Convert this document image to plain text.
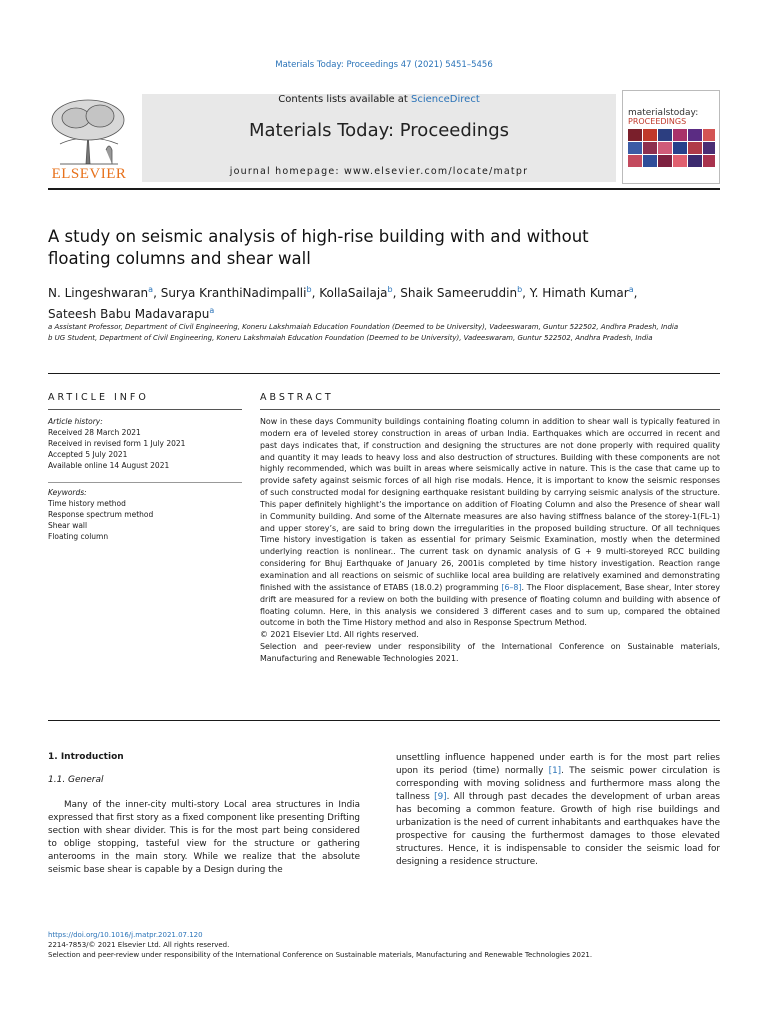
Materials Today: Proceedings 47 (2021) 5451–5456
ELSEVIER
Contents lists available at ScienceDirect
Materials Today: Proceedings
journal homepage: www.elsevier.com/locate/matpr
materialstoday:
PROCEEDINGS
A study on seismic analysis of high-rise building with and without floating columns and shear wall
N. Lingeshwaran$^a$, Surya KranthiNadimpalli$^b$, KollaSailaja$^b$, Shaik Sameeruddin$^b$, Y. Himath Kumar$^a$,
Sateesh Babu Madavarapu$^a$
a Assistant Professor, Department of Civil Engineering, Koneru Lakshmaiah Education Foundation (Deemed to be University), Vadeeswaram, Guntur 522502, Andhra Pradesh, India
b UG Student, Department of Civil Engineering, Koneru Lakshmaiah Education Foundation (Deemed to be University), Vadeeswaram, Guntur 522502, Andhra Pradesh, India
ARTICLE INFO	ABSTRACT
Article history:
Received 28 March 2021
Received in revised form 1 July 2021
Accepted 5 July 2021
Available online 14 August 2021
Keywords:
Time history method
Response spectrum method
Shear wall
Floating column
Now in these days Community buildings containing floating column in addition to shear wall is typically featured in modern era of leveled storey construction in areas of urban India. Earthquakes which are occurred in recent and past days indicates that, if construction and designing the structures are not done properly with required quality and quantity it may leads to heavy loss and also destruction of structures. Building with these components are not highly recommended, which was built in areas where seismically active in nature. This is the case that came up to provide safety against seismic forces of all high rise modals. Hence, it is important to know the seismic responses of such constructed modal for designing earthquake resistant building by carrying seismic analysis of the structure. This paper definitely highlight’s the importance on addition of Floating Column and also the Presence of shear wall in Community building. And some of the Alternate measures are also having stiffness balance of the storey-1(FL-1) and upper storey’s, are said to bring down the irregularities in the proposed building structure. Of all techniques Time history investigation is taken as essential for primary Seismic Examination, mostly when the determined underlying reaction is nonlinear.. The current task on dynamic analysis of G + 9 multi-storeyed RCC building considering for Bhuj Earthquake of January 26, 2001is completed by time history investigation. Reaction range examination and all reactions on seismic of suchlike local area building are relatively examined and demonstrating finished with the assistance of ETABS (18.0.2) programming [6–8]. The Floor displacement, Base shear, Inter storey drift are measured for a review on both the building with presence of floating column and building with absence of floating column. Here, in this analysis we considered 3 different cases and to sum up, compared the obtained outcome in both the Time History method and also in Response Spectrum Method.
© 2021 Elsevier Ltd. All rights reserved.
Selection and peer-review under responsibility of the International Conference on Sustainable materials, Manufacturing and Renewable Technologies 2021.
1. Introduction
1.1. General

Many of the inner-city multi-story Local area structures in India expressed that first story as a fixed component like presenting Drifting section with shear divider. This is for the most part being considered to oblige stopping, tasteful view for the structure or gathering anterooms in the main story. While we realize that the absolute seismic base shear is capable by a Design during the

unsettling influence happened under earth is for the most part relies upon its period (time) normally [1]. The seismic power circulation is corresponding with moving solidness and furthermore mass along the tallness [9]. All through past decades the development of urban areas has becoming a common feature. Growth of high rise buildings and urbanization is the need of current inhabitants and earthquakes have the prospective for causing the furthermost damages to those elevated structures. Hence, it is indispensable to consider the seismic load for designing a residence structure.
https://doi.org/10.1016/j.matpr.2021.07.120
2214-7853/© 2021 Elsevier Ltd. All rights reserved.
Selection and peer-review under responsibility of the International Conference on Sustainable materials, Manufacturing and Renewable Technologies 2021.
